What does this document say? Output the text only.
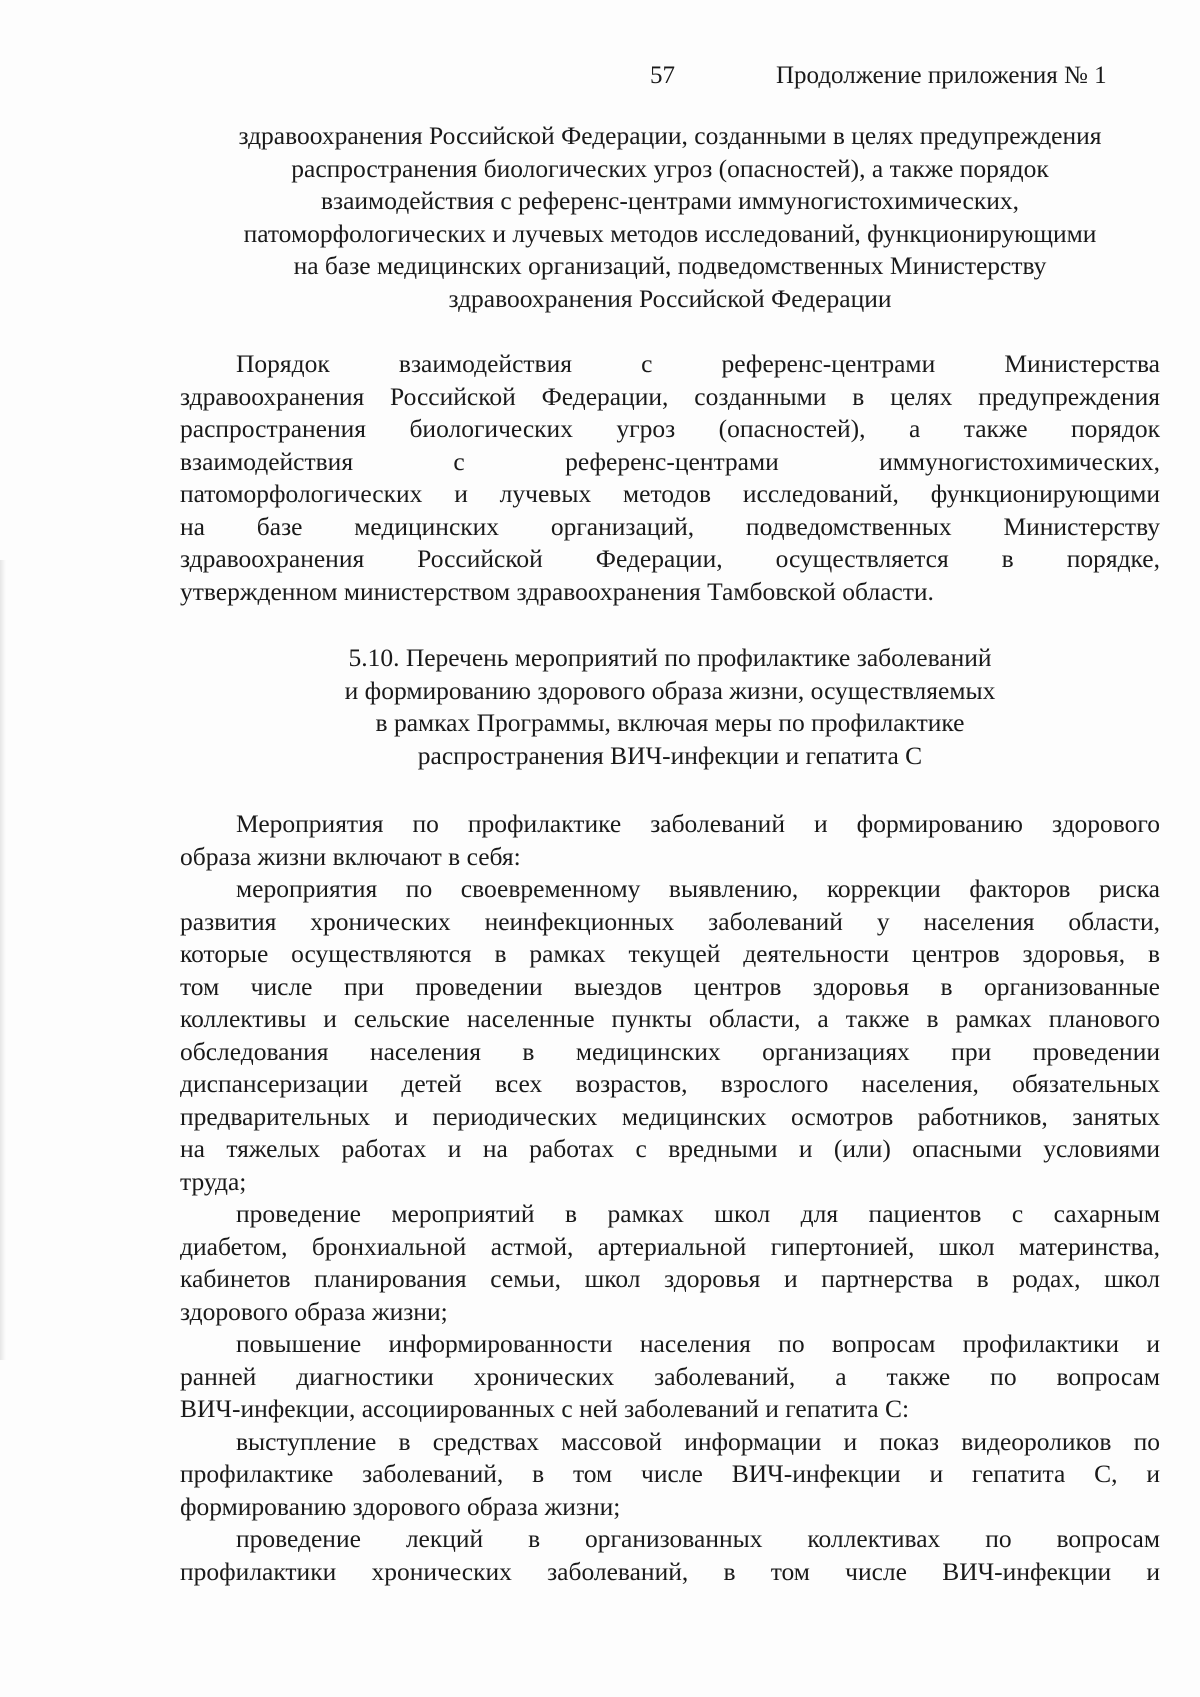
57	Продолжение приложения № 1
здравоохранения Российской Федерации, созданными в целях предупреждения
распространения биологических угроз (опасностей), а также порядок
взаимодействия с референс-центрами иммуногистохимических,
патоморфологических и лучевых методов исследований, функционирующими
на базе медицинских организаций, подведомственных Министерству
здравоохранения Российской Федерации
Порядок взаимодействия с референс-центрами Министерства
здравоохранения Российской Федерации, созданными в целях предупреждения
распространения биологических угроз (опасностей), а также порядок
взаимодействия с референс-центрами иммуногистохимических,
патоморфологических и лучевых методов исследований, функционирующими
на базе медицинских организаций, подведомственных Министерству
здравоохранения Российской Федерации, осуществляется в порядке,
утвержденном министерством здравоохранения Тамбовской области.
5.10. Перечень мероприятий по профилактике заболеваний
и формированию здорового образа жизни, осуществляемых
в рамках Программы, включая меры по профилактике
распространения ВИЧ-инфекции и гепатита С
Мероприятия по профилактике заболеваний и формированию здорового
образа жизни включают в себя:
мероприятия по своевременному выявлению, коррекции факторов риска
развития хронических неинфекционных заболеваний у населения области,
которые осуществляются в рамках текущей деятельности центров здоровья, в
том числе при проведении выездов центров здоровья в организованные
коллективы и сельские населенные пункты области, а также в рамках планового
обследования населения в медицинских организациях при проведении
диспансеризации детей всех возрастов, взрослого населения, обязательных
предварительных и периодических медицинских осмотров работников, занятых
на тяжелых работах и на работах с вредными и (или) опасными условиями
труда;
проведение мероприятий в рамках школ для пациентов с сахарным
диабетом, бронхиальной астмой, артериальной гипертонией, школ материнства,
кабинетов планирования семьи, школ здоровья и партнерства в родах, школ
здорового образа жизни;
повышение информированности населения по вопросам профилактики и
ранней диагностики хронических заболеваний, а также по вопросам
ВИЧ-инфекции, ассоциированных с ней заболеваний и гепатита С:
выступление в средствах массовой информации и показ видеороликов по
профилактике заболеваний, в том числе ВИЧ-инфекции и гепатита С, и
формированию здорового образа жизни;
проведение лекций в организованных коллективах по вопросам
профилактики хронических заболеваний, в том числе ВИЧ-инфекции и
